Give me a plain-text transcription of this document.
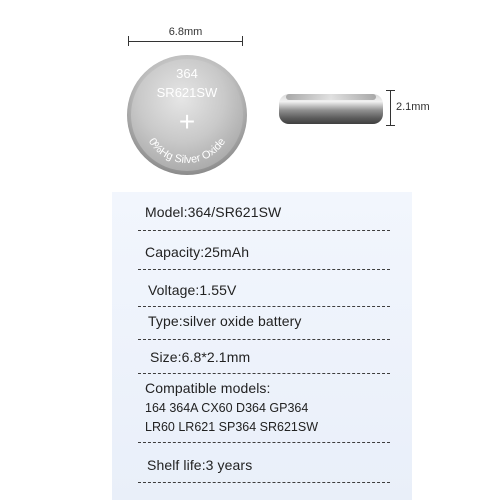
6.8mm
364
SR621SW
+
0%Hg Silver Oxide
2.1mm
Model:364/SR621SW
Capacity:25mAh
Voltage:1.55V
Type:silver oxide battery
Size:6.8*2.1mm
Compatible models:
164 364A CX60 D364 GP364
LR60 LR621 SP364 SR621SW
Shelf life:3 years
